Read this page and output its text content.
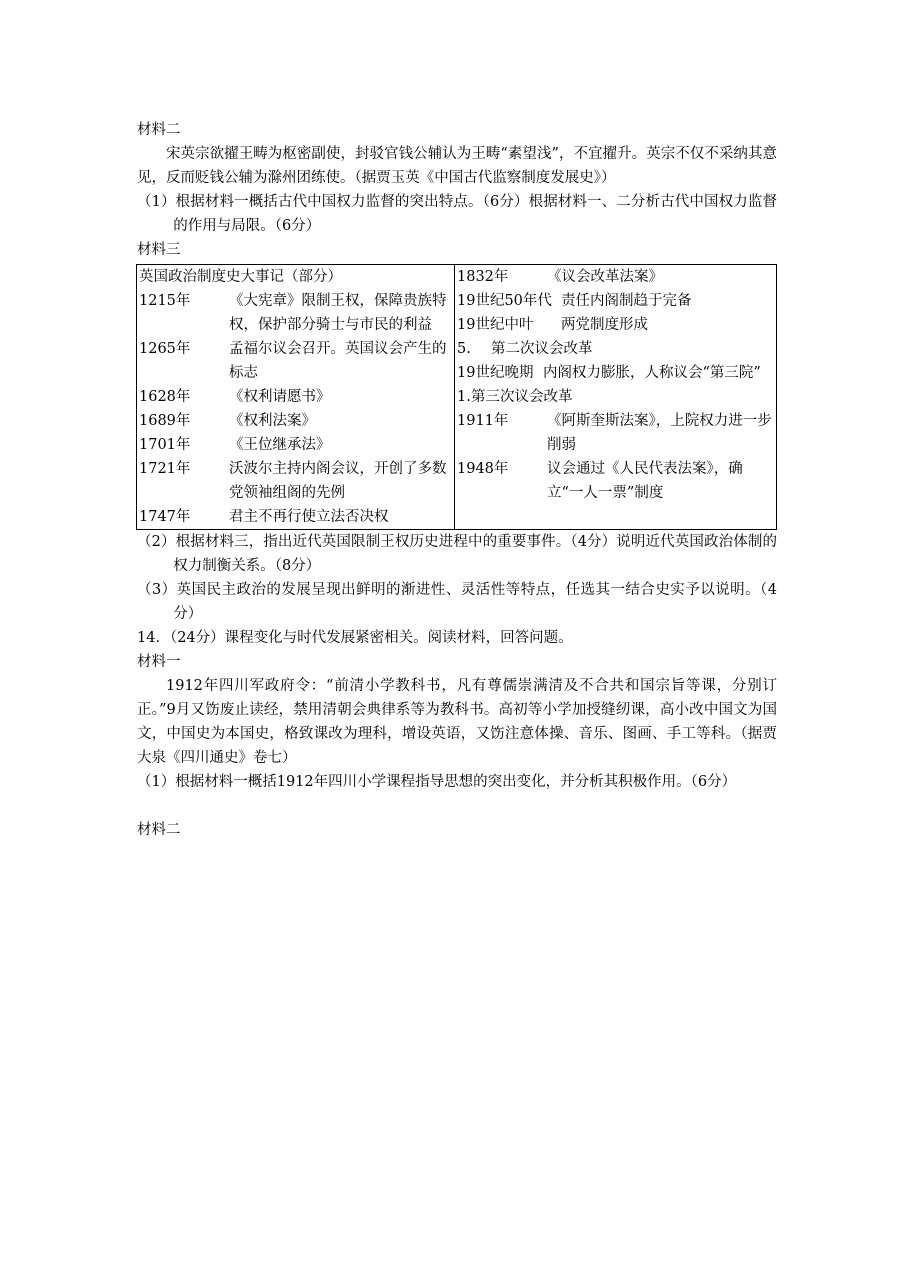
材料二

宋英宗欲擢王畴为枢密副使，封驳官钱公辅认为王畴“素望浅”，不宜擢升。英宗不仅不采纳其意见，反而贬钱公辅为滁州团练使。（据贾玉英《中国古代监察制度发展史》）

（1）根据材料一概括古代中国权力监督的突出特点。（6分）根据材料一、二分析古代中国权力监督的作用与局限。（6分）

材料三

英国政治制度史大事记（部分）

1215年	《大宪章》限制王权，保障贵族特权，保护部分骑士与市民的利益
1265年	孟福尔议会召开。英国议会产生的标志
1628年	《权利请愿书》
1689年	《权利法案》
1701年	《王位继承法》
1721年	沃波尔主持内阁会议，开创了多数党领袖组阁的先例
1747年	君主不再行使立法否决权

1832年	《议会改革法案》
19世纪50年代 责任内阁制趋于完备
19世纪中叶	两党制度形成
5.	第二次议会改革
19世纪晚期 内阁权力膨胀，人称议会“第三院”
1. 第三次议会改革
1911年	《阿斯奎斯法案》，上院权力进一步削弱
1948年	议会通过《人民代表法案》，确立“一人一票”制度

（2）根据材料三，指出近代英国限制王权历史进程中的重要事件。（4分）说明近代英国政治体制的权力制衡关系。（8分）

（3）英国民主政治的发展呈现出鲜明的渐进性、灵活性等特点，任选其一结合史实予以说明。（4分）

14．（24分）课程变化与时代发展紧密相关。阅读材料，回答问题。

材料一

1912年四川军政府令：“前清小学教科书，凡有尊儒崇满清及不合共和国宗旨等课，分别订正。”9月又饬废止读经，禁用清朝会典律系等为教科书。高初等小学加授缝纫课，高小改中国文为国文，中国史为本国史，格致课改为理科，增设英语，又饬注意体操、音乐、图画、手工等科。（据贾大泉《四川通史》卷七）

（1）根据材料一概括1912年四川小学课程指导思想的突出变化，并分析其积极作用。（6分）

材料二
